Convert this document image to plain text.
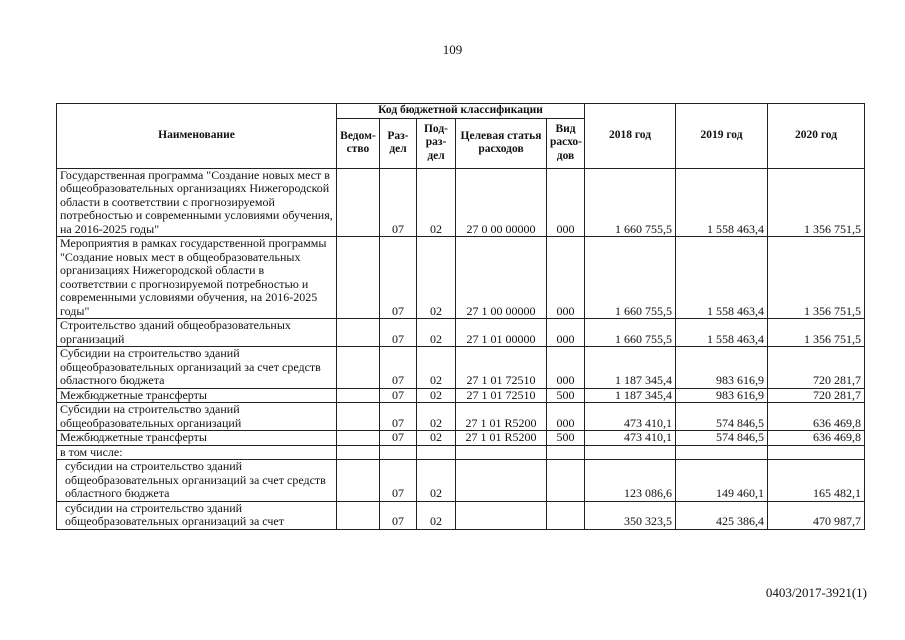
109
Наименование	Код бюджетной классификации					2018 год	2019 год	2020 год
	Ведом-ство	Раз-дел	Под-раз-дел	Целевая статья расходов	Вид расхо-дов			
Государственная программа "Создание новых мест в общеобразовательных организациях Нижегородской области в соответствии с прогнозируемой потребностью и современными условиями обучения, на 2016-2025 годы"		07	02	27 0 00 00000	000	1 660 755,5	1 558 463,4	1 356 751,5
Мероприятия в рамках государственной программы "Создание новых мест в общеобразовательных организациях Нижегородской области в соответствии с прогнозируемой потребностью и современными условиями обучения, на 2016-2025 годы"		07	02	27 1 00 00000	000	1 660 755,5	1 558 463,4	1 356 751,5
Строительство зданий общеобразовательных организаций		07	02	27 1 01 00000	000	1 660 755,5	1 558 463,4	1 356 751,5
Субсидии на строительство зданий общеобразовательных организаций за счет средств областного бюджета		07	02	27 1 01 72510	000	1 187 345,4	983 616,9	720 281,7
Межбюджетные трансферты		07	02	27 1 01 72510	500	1 187 345,4	983 616,9	720 281,7
Субсидии на строительство зданий общеобразовательных организаций		07	02	27 1 01 R5200	000	473 410,1	574 846,5	636 469,8
Межбюджетные трансферты		07	02	27 1 01 R5200	500	473 410,1	574 846,5	636 469,8
в том числе:								
субсидии на строительство зданий общеобразовательных организаций за счет средств областного бюджета		07	02			123 086,6	149 460,1	165 482,1
субсидии на строительство зданий общеобразовательных организаций за счет		07	02			350 323,5	425 386,4	470 987,7
0403/2017-3921(1)
